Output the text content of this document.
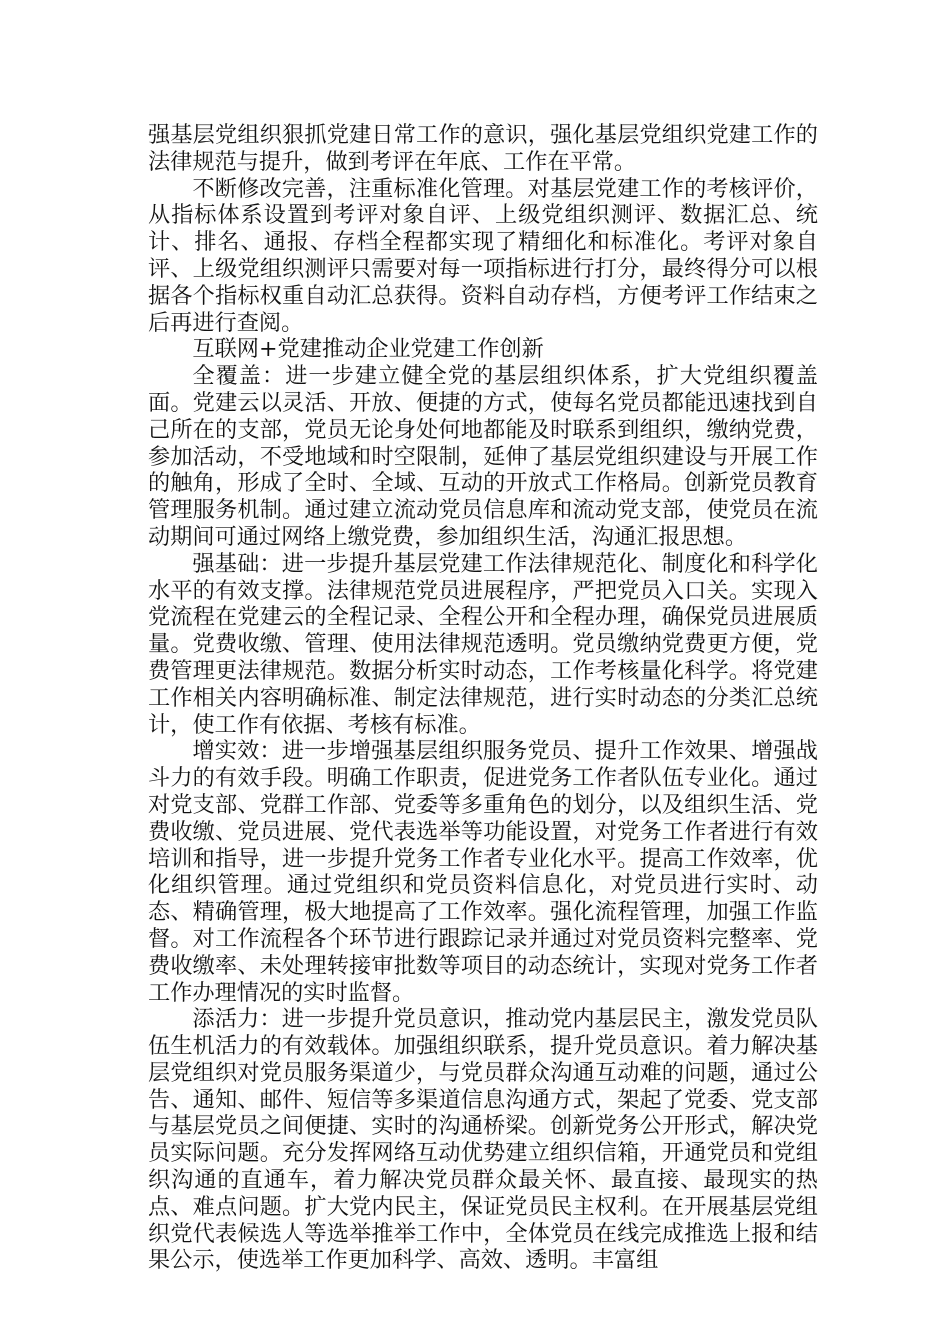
强基层党组织狠抓党建日常工作的意识，强化基层党组织党建工作的法律规范与提升，做到考评在年底、工作在平常。

不断修改完善，注重标准化管理。对基层党建工作的考核评价，从指标体系设置到考评对象自评、上级党组织测评、数据汇总、统计、排名、通报、存档全程都实现了精细化和标准化。考评对象自评、上级党组织测评只需要对每一项指标进行打分，最终得分可以根据各个指标权重自动汇总获得。资料自动存档，方便考评工作结束之后再进行查阅。

互联网+党建推动企业党建工作创新

全覆盖：进一步建立健全党的基层组织体系，扩大党组织覆盖面。党建云以灵活、开放、便捷的方式，使每名党员都能迅速找到自己所在的支部，党员无论身处何地都能及时联系到组织，缴纳党费，参加活动，不受地域和时空限制，延伸了基层党组织建设与开展工作的触角，形成了全时、全域、互动的开放式工作格局。创新党员教育管理服务机制。通过建立流动党员信息库和流动党支部，使党员在流动期间可通过网络上缴党费，参加组织生活，沟通汇报思想。

强基础：进一步提升基层党建工作法律规范化、制度化和科学化水平的有效支撑。法律规范党员进展程序，严把党员入口关。实现入党流程在党建云的全程记录、全程公开和全程办理，确保党员进展质量。党费收缴、管理、使用法律规范透明。党员缴纳党费更方便，党费管理更法律规范。数据分析实时动态，工作考核量化科学。将党建工作相关内容明确标准、制定法律规范，进行实时动态的分类汇总统计，使工作有依据、考核有标准。

增实效：进一步增强基层组织服务党员、提升工作效果、增强战斗力的有效手段。明确工作职责，促进党务工作者队伍专业化。通过对党支部、党群工作部、党委等多重角色的划分，以及组织生活、党费收缴、党员进展、党代表选举等功能设置，对党务工作者进行有效培训和指导，进一步提升党务工作者专业化水平。提高工作效率，优化组织管理。通过党组织和党员资料信息化，对党员进行实时、动态、精确管理，极大地提高了工作效率。强化流程管理，加强工作监督。对工作流程各个环节进行跟踪记录并通过对党员资料完整率、党费收缴率、未处理转接审批数等项目的动态统计，实现对党务工作者工作办理情况的实时监督。

添活力：进一步提升党员意识，推动党内基层民主，激发党员队伍生机活力的有效载体。加强组织联系，提升党员意识。着力解决基层党组织对党员服务渠道少，与党员群众沟通互动难的问题，通过公告、通知、邮件、短信等多渠道信息沟通方式，架起了党委、党支部与基层党员之间便捷、实时的沟通桥梁。创新党务公开形式，解决党员实际问题。充分发挥网络互动优势建立组织信箱，开通党员和党组织沟通的直通车，着力解决党员群众最关怀、最直接、最现实的热点、难点问题。扩大党内民主，保证党员民主权利。在开展基层党组织党代表候选人等选举推举工作中，全体党员在线完成推选上报和结果公示，使选举工作更加科学、高效、透明。丰富组
